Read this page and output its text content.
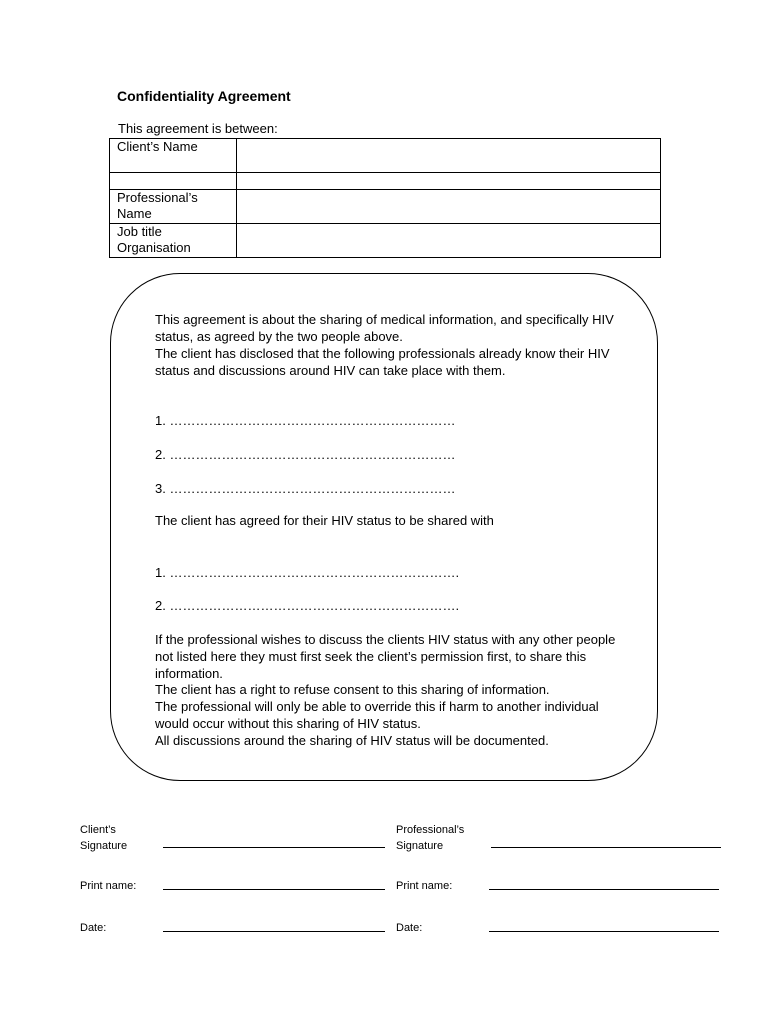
Confidentiality Agreement
This agreement is between:
Client’s Name	

Professional’s Name	
Job title Organisation	

This agreement is about the sharing of medical information, and specifically HIV status, as agreed by the two people above.

The client has disclosed that the following professionals already know their HIV status and discussions around HIV can take place with them.

1. …………………………………………………………

2. …………………………………………………………

3. …………………………………………………………

The client has agreed for their HIV status to be shared with

1. ………………………………………………………….

2. ………………………………………………………….

If the professional wishes to discuss the clients HIV status with any other people not listed here they must first seek the client’s permission first, to share this information.

The client has a right to refuse consent to this sharing of information.

The professional will only be able to override this if harm to another individual would occur without this sharing of HIV status.

All discussions around the sharing of HIV status will be documented.

Client’s Signature
Professional’s Signature
Print name:	Print name:
Date:	Date:
